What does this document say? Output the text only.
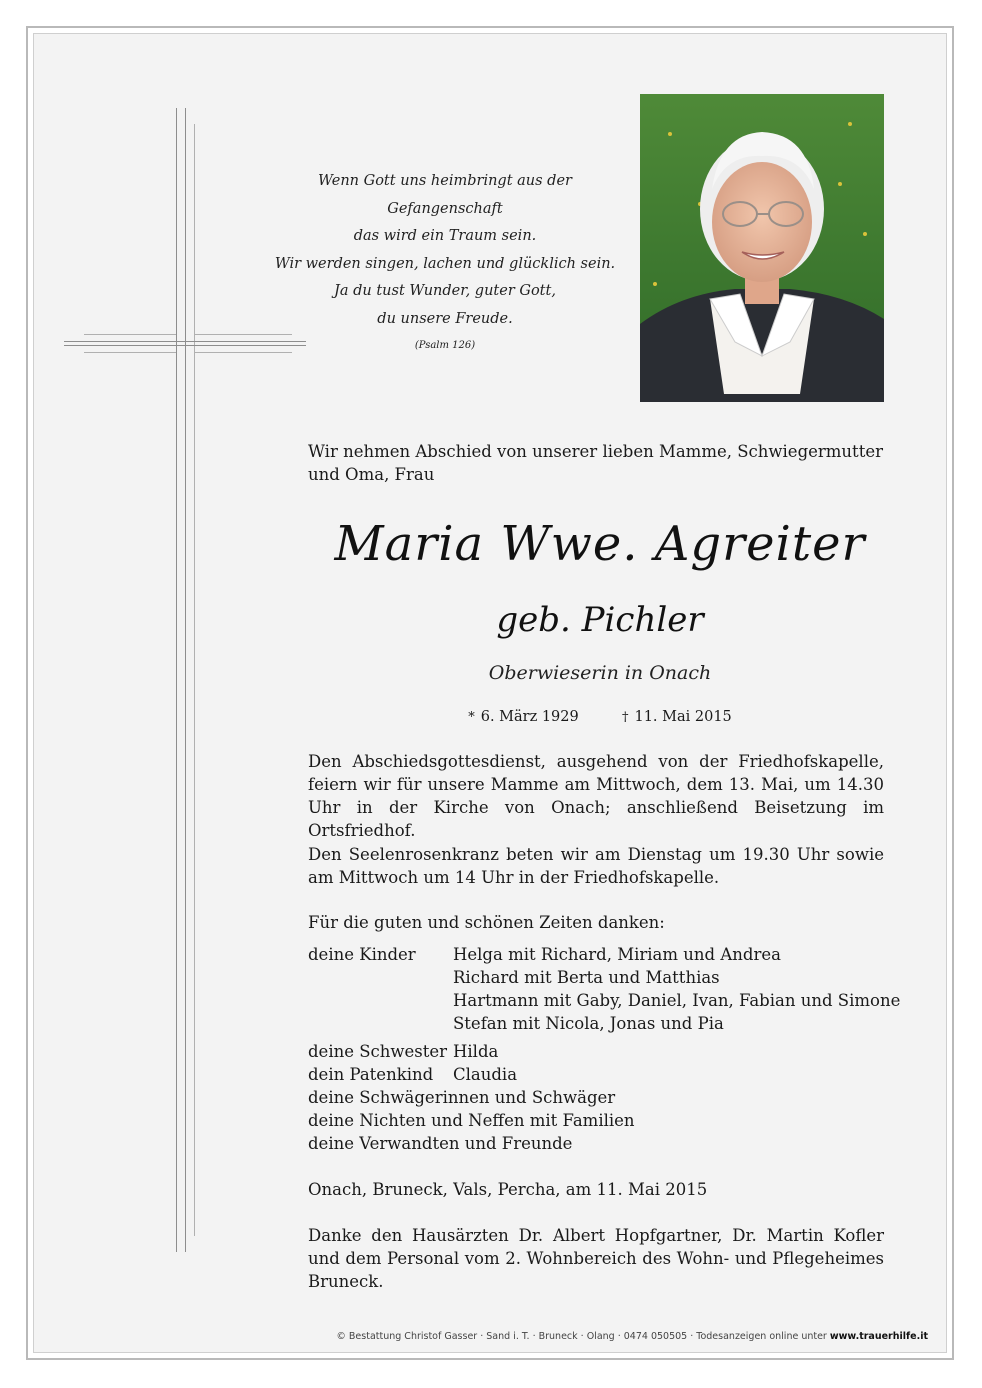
Wenn Gott uns heimbringt aus der Gefangenschaft
das wird ein Traum sein.
Wir werden singen, lachen und glücklich sein.
Ja du tust Wunder, guter Gott,
du unsere Freude.
(Psalm 126)
Wir nehmen Abschied von unserer lieben Mamme, Schwiegermutter und Oma, Frau
Maria Wwe. Agreiter
geb. Pichler
Oberwieserin in Onach
* 6. März 1929	† 11. Mai 2015
Den Abschiedsgottesdienst, ausgehend von der Friedhofskapelle, feiern wir für unsere Mamme am Mittwoch, dem 13. Mai, um 14.30 Uhr in der Kirche von Onach; anschließend Beisetzung im Ortsfriedhof.
Den Seelenrosenkranz beten wir am Dienstag um 19.30 Uhr sowie am Mittwoch um 14 Uhr in der Friedhofskapelle.
Für die guten und schönen Zeiten danken:
deine Kinder	Helga mit Richard, Miriam und Andrea
Richard mit Berta und Matthias
Hartmann mit Gaby, Daniel, Ivan, Fabian und Simone
Stefan mit Nicola, Jonas und Pia
deine Schwester Hilda
dein Patenkind	Claudia
deine Schwägerinnen und Schwäger
deine Nichten und Neffen mit Familien
deine Verwandten und Freunde
Onach, Bruneck, Vals, Percha, am 11. Mai 2015
Danke den Hausärzten Dr. Albert Hopfgartner, Dr. Martin Kofler und dem Personal vom 2. Wohnbereich des Wohn- und Pflegeheimes Bruneck.
© Bestattung Christof Gasser · Sand i. T. · Bruneck · Olang · 0474 050505 · Todesanzeigen online unter www.trauerhilfe.it
